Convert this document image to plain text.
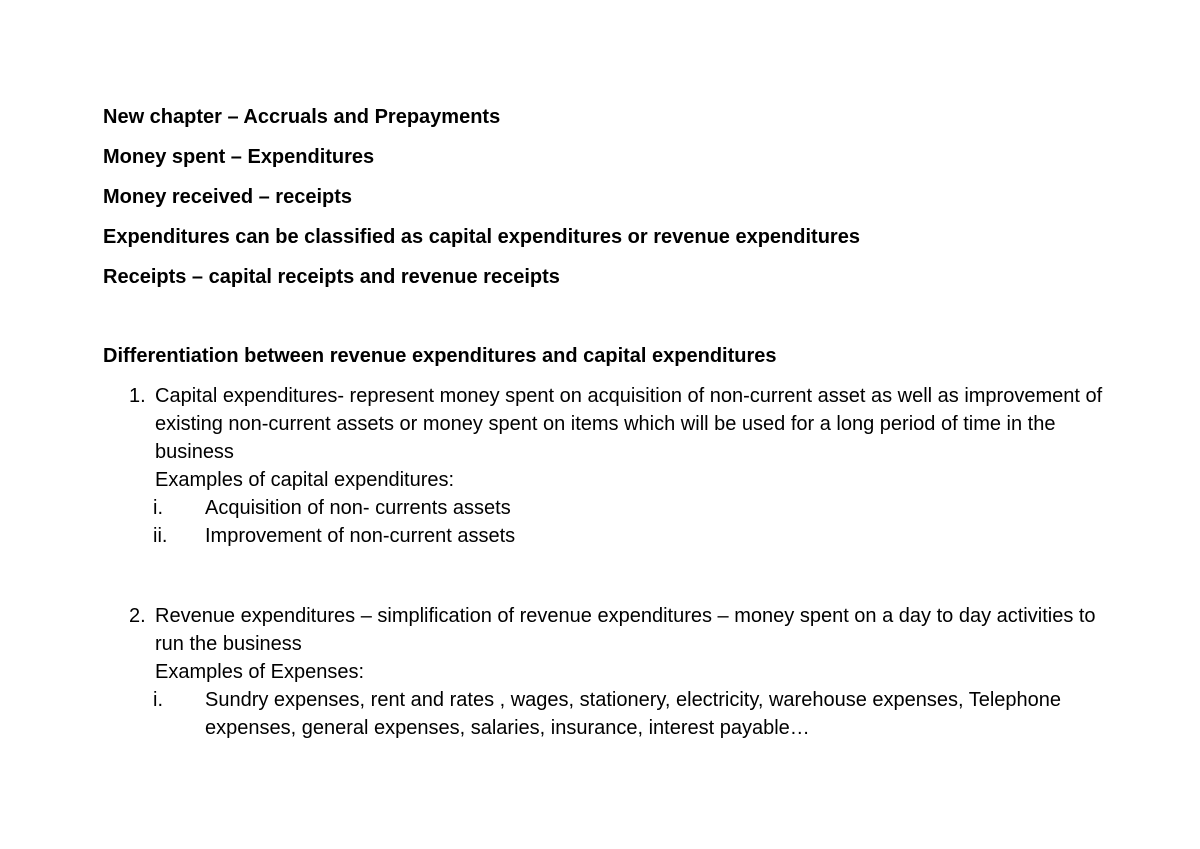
New chapter – Accruals and Prepayments
Money spent – Expenditures
Money received – receipts
Expenditures can be classified as capital expenditures or revenue expenditures
Receipts – capital receipts and revenue receipts
Differentiation between revenue expenditures and capital expenditures
1. Capital expenditures- represent money spent on acquisition of non-current asset as well as improvement of existing non-current assets or money spent on items which will be used for a long period of time in the business
Examples of capital expenditures:
i. Acquisition of non- currents assets
ii. Improvement of non-current assets
2. Revenue expenditures – simplification of revenue expenditures – money spent on a day to day activities to run the business
Examples of Expenses:
i. Sundry expenses, rent and rates , wages, stationery, electricity, warehouse expenses, Telephone expenses, general expenses, salaries, insurance, interest payable…
